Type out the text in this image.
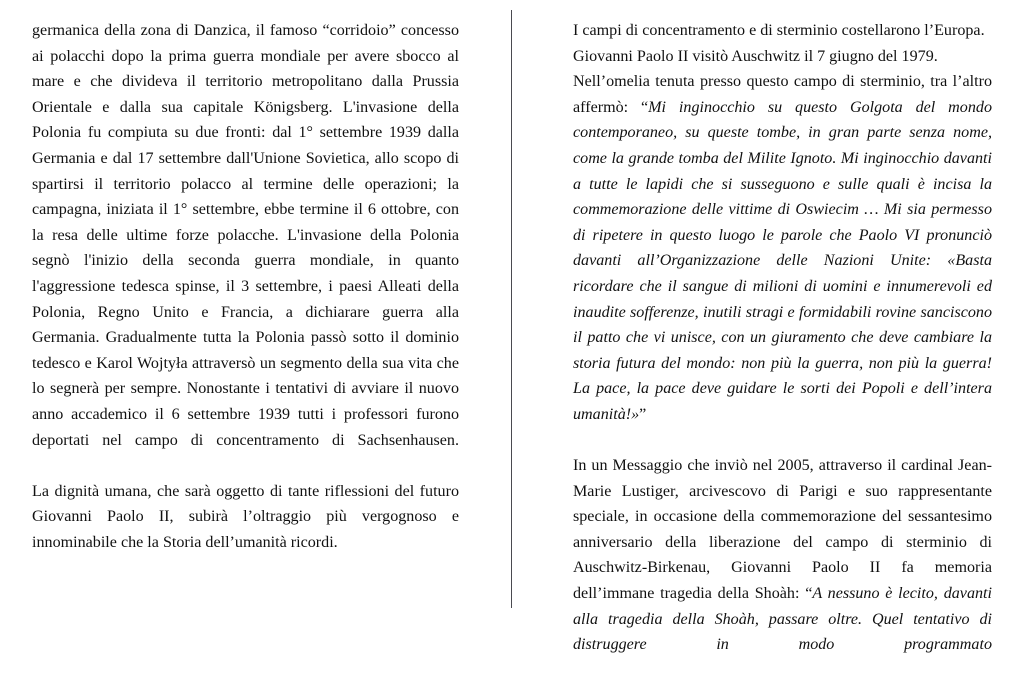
germanica della zona di Danzica, il famoso “corridoio” concesso ai polacchi dopo la prima guerra mondiale per avere sbocco al mare e che divideva il territorio metropolitano dalla Prussia Orientale e dalla sua capitale Königsberg. L'invasione della Polonia fu compiuta su due fronti: dal 1° settembre 1939 dalla Germania e dal 17 settembre dall'Unione Sovietica, allo scopo di spartirsi il territorio polacco al termine delle operazioni; la campagna, iniziata il 1° settembre, ebbe termine il 6 ottobre, con la resa delle ultime forze polacche. L'invasione della Polonia segnò l'inizio della seconda guerra mondiale, in quanto l'aggressione tedesca spinse, il 3 settembre, i paesi Alleati della Polonia, Regno Unito e Francia, a dichiarare guerra alla Germania. Gradualmente tutta la Polonia passò sotto il dominio tedesco e Karol Wojtyła attraversò un segmento della sua vita che lo segnerà per sempre. Nonostante i tentativi di avviare il nuovo anno accademico il 6 settembre 1939 tutti i professori furono deportati nel campo di concentramento di Sachsenhausen.

La dignità umana, che sarà oggetto di tante riflessioni del futuro Giovanni Paolo II, subirà l’oltraggio più vergognoso e innominabile che la Storia dell’umanità ricordi.

I campi di concentramento e di sterminio costellarono l’Europa.

Giovanni Paolo II visitò Auschwitz il 7 giugno del 1979.

Nell’omelia tenuta presso questo campo di sterminio, tra l’altro affermò: “Mi inginocchio su questo Golgota del mondo contemporaneo, su queste tombe, in gran parte senza nome, come la grande tomba del Milite Ignoto. Mi inginocchio davanti a tutte le lapidi che si susseguono e sulle quali è incisa la commemorazione delle vittime di Oswiecim … Mi sia permesso di ripetere in questo luogo le parole che Paolo VI pronunciò davanti all’Organizzazione delle Nazioni Unite: «Basta ricordare che il sangue di milioni di uomini e innumerevoli ed inaudite sofferenze, inutili stragi e formidabili rovine sanciscono il patto che vi unisce, con un giuramento che deve cambiare la storia futura del mondo: non più la guerra, non più la guerra! La pace, la pace deve guidare le sorti dei Popoli e dell’intera umanità!»”

In un Messaggio che inviò nel 2005, attraverso il cardinal Jean-Marie Lustiger, arcivescovo di Parigi e suo rappresentante speciale, in occasione della commemorazione del sessantesimo anniversario della liberazione del campo di sterminio di Auschwitz-Birkenau, Giovanni Paolo II fa memoria dell’immane tragedia della Shoàh: “A nessuno è lecito, davanti alla tragedia della Shoàh, passare oltre. Quel tentativo di distruggere in modo programmato
